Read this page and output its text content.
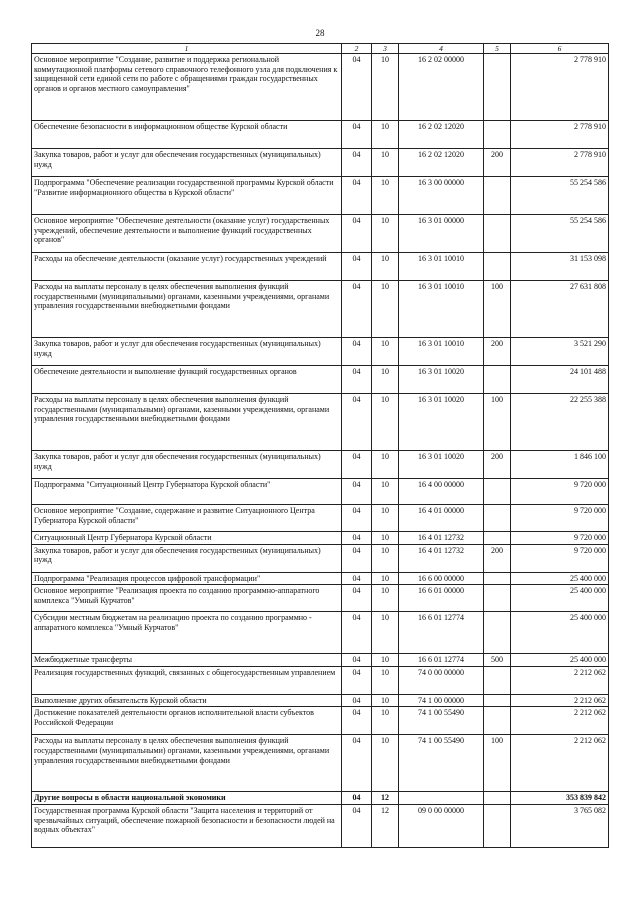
28
1	2	3	4	5	6
Основное мероприятие "Создание, развитие и поддержка региональной коммутационной платформы сетевого справочного телефонного узла для подключения к защищенной сети единой сети по работе с обращениями граждан государственных органов и органов местного самоуправления"	04	10	16 2 02 00000		2 778 910
Обеспечение безопасности в информационном обществе Курской области	04	10	16 2 02 12020		2 778 910
Закупка товаров, работ и услуг для обеспечения государственных (муниципальных) нужд	04	10	16 2 02 12020	200	2 778 910
Подпрограмма "Обеспечение реализации государственной программы Курской области "Развитие информационного общества в Курской области"	04	10	16 3 00 00000		55 254 586
Основное мероприятие "Обеспечение деятельности (оказание услуг) государственных учреждений, обеспечение деятельности и выполнение функций государственных органов"	04	10	16 3 01 00000		55 254 586
Расходы на обеспечение деятельности (оказание услуг) государственных учреждений	04	10	16 3 01 10010		31 153 098
Расходы на выплаты персоналу в целях обеспечения выполнения функций государственными (муниципальными) органами, казенными учреждениями, органами управления государственными внебюджетными фондами	04	10	16 3 01 10010	100	27 631 808
Закупка товаров, работ и услуг для обеспечения государственных (муниципальных) нужд	04	10	16 3 01 10010	200	3 521 290
Обеспечение деятельности и выполнение функций государственных органов	04	10	16 3 01 10020		24 101 488
Расходы на выплаты персоналу в целях обеспечения выполнения функций государственными (муниципальными) органами, казенными учреждениями, органами управления государственными внебюджетными фондами	04	10	16 3 01 10020	100	22 255 388
Закупка товаров, работ и услуг для обеспечения государственных (муниципальных) нужд	04	10	16 3 01 10020	200	1 846 100
Подпрограмма "Ситуационный Центр Губернатора Курской области"	04	10	16 4 00 00000		9 720 000
Основное мероприятие "Создание, содержание и развитие Ситуационного Центра Губернатора Курской области"	04	10	16 4 01 00000		9 720 000
Ситуационный Центр Губернатора Курской области	04	10	16 4 01 12732		9 720 000
Закупка товаров, работ и услуг для обеспечения государственных (муниципальных) нужд	04	10	16 4 01 12732	200	9 720 000
Подпрограмма "Реализация процессов цифровой трансформации"	04	10	16 6 00 00000		25 400 000
Основное мероприятие "Реализация проекта по созданию программно-аппаратного комплекса "Умный Курчатов"	04	10	16 6 01 00000		25 400 000
Субсидии местным бюджетам на реализацию проекта по созданию программно - аппаратного комплекса "Умный Курчатов"	04	10	16 6 01 12774		25 400 000
Межбюджетные трансферты	04	10	16 6 01 12774	500	25 400 000
Реализация государственных функций, связанных с общегосударственным управлением	04	10	74 0 00 00000		2 212 062
Выполнение других обязательств Курской области	04	10	74 1 00 00000		2 212 062
Достижение показателей деятельности органов исполнительной власти субъектов Российской Федерации	04	10	74 1 00 55490		2 212 062
Расходы на выплаты персоналу в целях обеспечения выполнения функций государственными (муниципальными) органами, казенными учреждениями, органами управления государственными внебюджетными фондами	04	10	74 1 00 55490	100	2 212 062
Другие вопросы в области национальной экономики	04	12			353 839 842
Государственная программа Курской области "Защита населения и территорий от чрезвычайных ситуаций, обеспечение пожарной безопасности и безопасности людей на водных объектах"	04	12	09 0 00 00000		3 765 082
